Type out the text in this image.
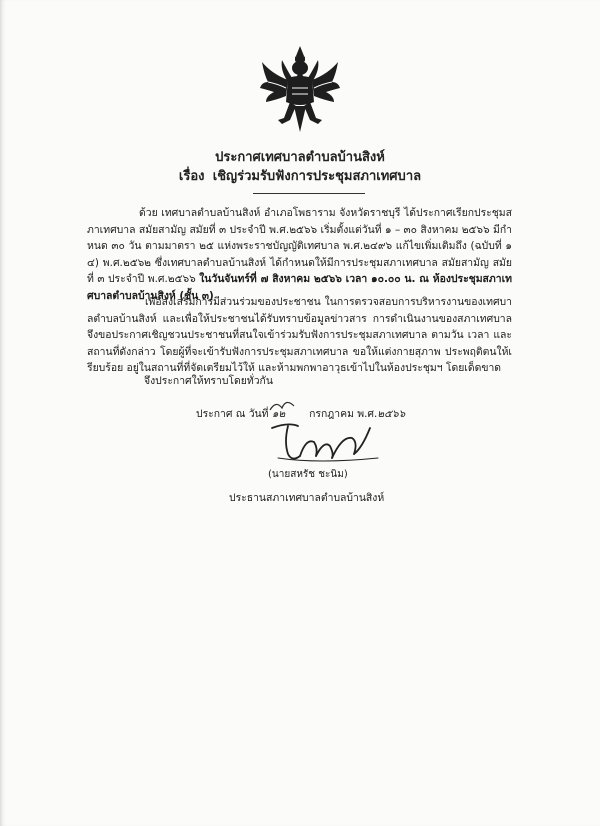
ประกาศเทศบาลตำบลบ้านสิงห์
เรื่อง เชิญร่วมรับฟังการประชุมสภาเทศบาล
ด้วย เทศบาลตำบลบ้านสิงห์ อำเภอโพธาราม จังหวัดราชบุรี ได้ประกาศเรียกประชุมสภาเทศบาล สมัยสามัญ สมัยที่ ๓ ประจำปี พ.ศ.๒๕๖๖ เริ่มตั้งแต่วันที่ ๑ – ๓๐ สิงหาคม ๒๕๖๖ มีกำหนด ๓๐ วัน ตามมาตรา ๒๕ แห่งพระราชบัญญัติเทศบาล พ.ศ.๒๔๙๖ แก้ไขเพิ่มเติมถึง (ฉบับที่ ๑๔) พ.ศ.๒๕๖๒ ซึ่งเทศบาลตำบลบ้านสิงห์ ได้กำหนดให้มีการประชุมสภาเทศบาล สมัยสามัญ สมัยที่ ๓ ประจำปี พ.ศ.๒๕๖๖ ในวันจันทร์ที่ ๗ สิงหาคม ๒๕๖๖ เวลา ๑๐.๐๐ น. ณ ห้องประชุมสภาเทศบาลตำบลบ้านสิงห์ (ชั้น ๓)
เพื่อส่งเสริมการมีส่วนร่วมของประชาชน ในการตรวจสอบการบริหารงานของเทศบาลตำบลบ้านสิงห์ และเพื่อให้ประชาชนได้รับทราบข้อมูลข่าวสาร การดำเนินงานของสภาเทศบาล จึงขอประกาศเชิญชวนประชาชนที่สนใจเข้าร่วมรับฟังการประชุมสภาเทศบาล ตามวัน เวลา และสถานที่ดังกล่าว โดยผู้ที่จะเข้ารับฟังการประชุมสภาเทศบาล ขอให้แต่งกายสุภาพ ประพฤติตนให้เรียบร้อย อยู่ในสถานที่ที่จัดเตรียมไว้ให้ และห้ามพกพาอาวุธเข้าไปในห้องประชุมฯ โดยเด็ดขาด
จึงประกาศให้ทราบโดยทั่วกัน
ประกาศ ณ วันที่ ๑๒ กรกฎาคม พ.ศ.๒๕๖๖
(นายสหรัช ชะนิม)
ประธานสภาเทศบาลตำบลบ้านสิงห์
